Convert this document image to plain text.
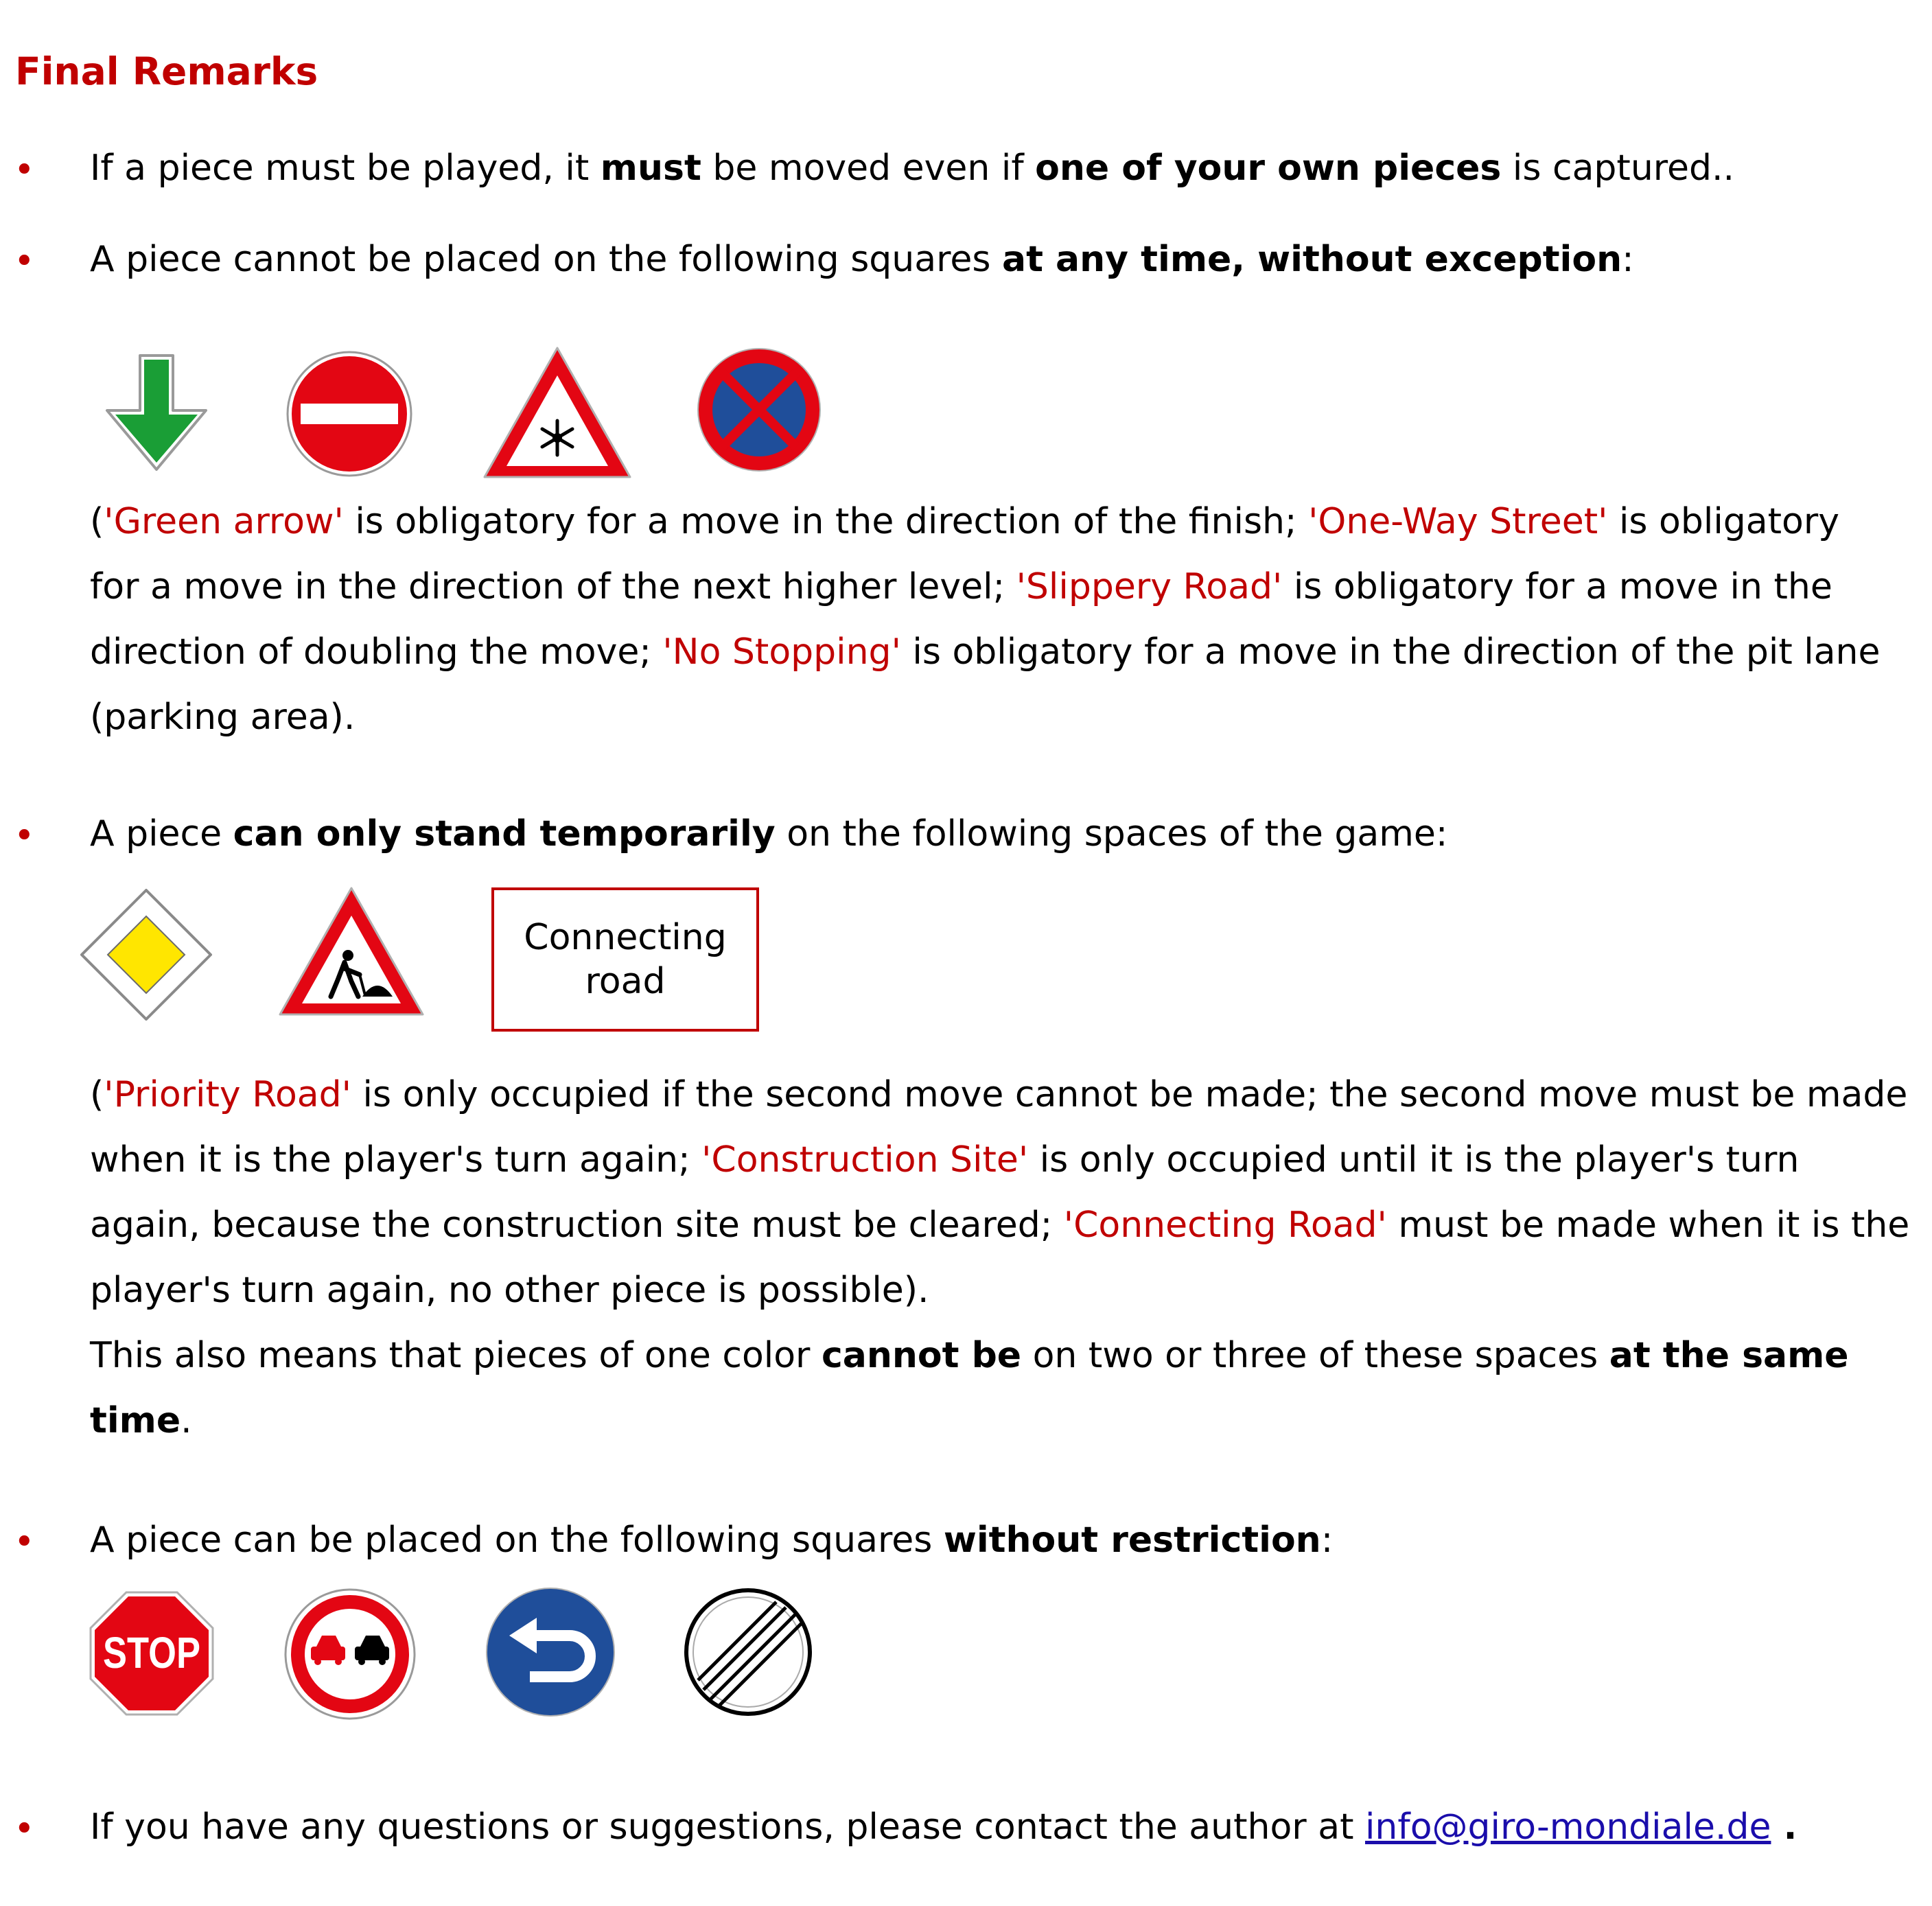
Final Remarks
• If a piece must be played, it must be moved even if one of your own pieces is captured..
• A piece cannot be placed on the following squares at any time, without exception:
('Green arrow' is obligatory for a move in the direction of the finish; 'One-Way Street' is obligatory
for a move in the direction of the next higher level; 'Slippery Road' is obligatory for a move in the
direction of doubling the move; 'No Stopping' is obligatory for a move in the direction of the pit lane
(parking area).
• A piece can only stand temporarily on the following spaces of the game:
Connecting
road
('Priority Road' is only occupied if the second move cannot be made; the second move must be made
when it is the player's turn again; 'Construction Site' is only occupied until it is the player's turn
again, because the construction site must be cleared; 'Connecting Road' must be made when it is the
player's turn again, no other piece is possible).
This also means that pieces of one color cannot be on two or three of these spaces at the same
time.
• A piece can be placed on the following squares without restriction:
STOP
• If you have any questions or suggestions, please contact the author at info@giro-mondiale.de .
